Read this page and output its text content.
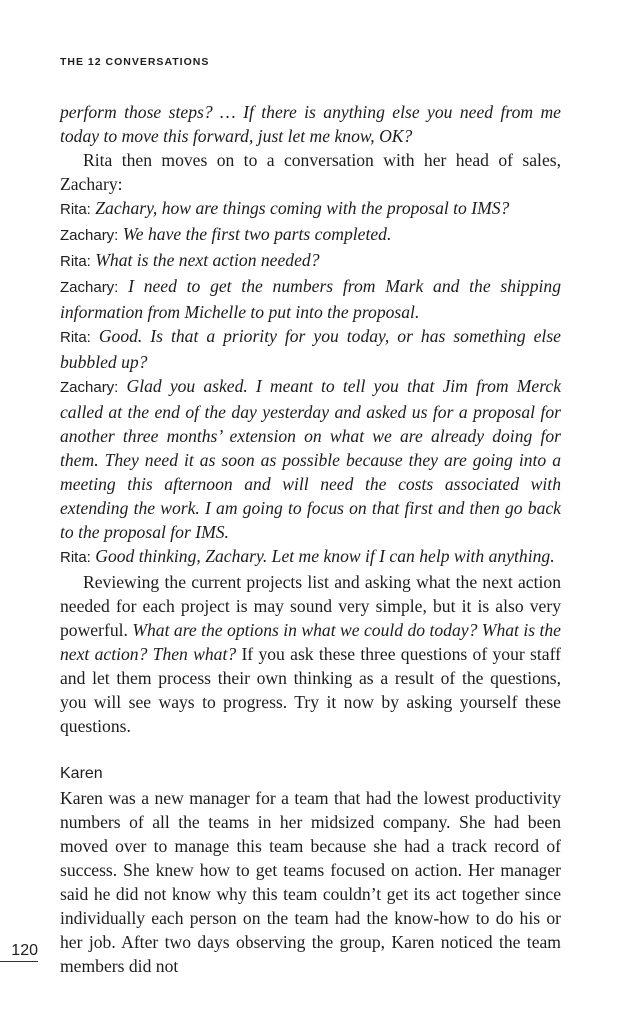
THE 12 CONVERSATIONS

perform those steps? … If there is anything else you need from me today to move this forward, just let me know, OK?

Rita then moves on to a conversation with her head of sales, Zachary:

Rita: Zachary, how are things coming with the proposal to IMS?
Zachary: We have the first two parts completed.
Rita: What is the next action needed?
Zachary: I need to get the numbers from Mark and the shipping information from Michelle to put into the proposal.
Rita: Good. Is that a priority for you today, or has something else bubbled up?
Zachary: Glad you asked. I meant to tell you that Jim from Merck called at the end of the day yesterday and asked us for a proposal for another three months’ extension on what we are already doing for them. They need it as soon as possible because they are going into a meeting this afternoon and will need the costs associated with extending the work. I am going to focus on that first and then go back to the proposal for IMS.
Rita: Good thinking, Zachary. Let me know if I can help with anything.

Reviewing the current projects list and asking what the next action needed for each project is may sound very simple, but it is also very powerful. What are the options in what we could do today? What is the next action? Then what? If you ask these three questions of your staff and let them process their own thinking as a result of the questions, you will see ways to progress. Try it now by asking yourself these questions.

Karen

Karen was a new manager for a team that had the lowest productivity numbers of all the teams in her midsized company. She had been moved over to manage this team because she had a track record of success. She knew how to get teams focused on action. Her manager said he did not know why this team couldn’t get its act together since individually each person on the team had the know-how to do his or her job. After two days observing the group, Karen noticed the team members did not

120
